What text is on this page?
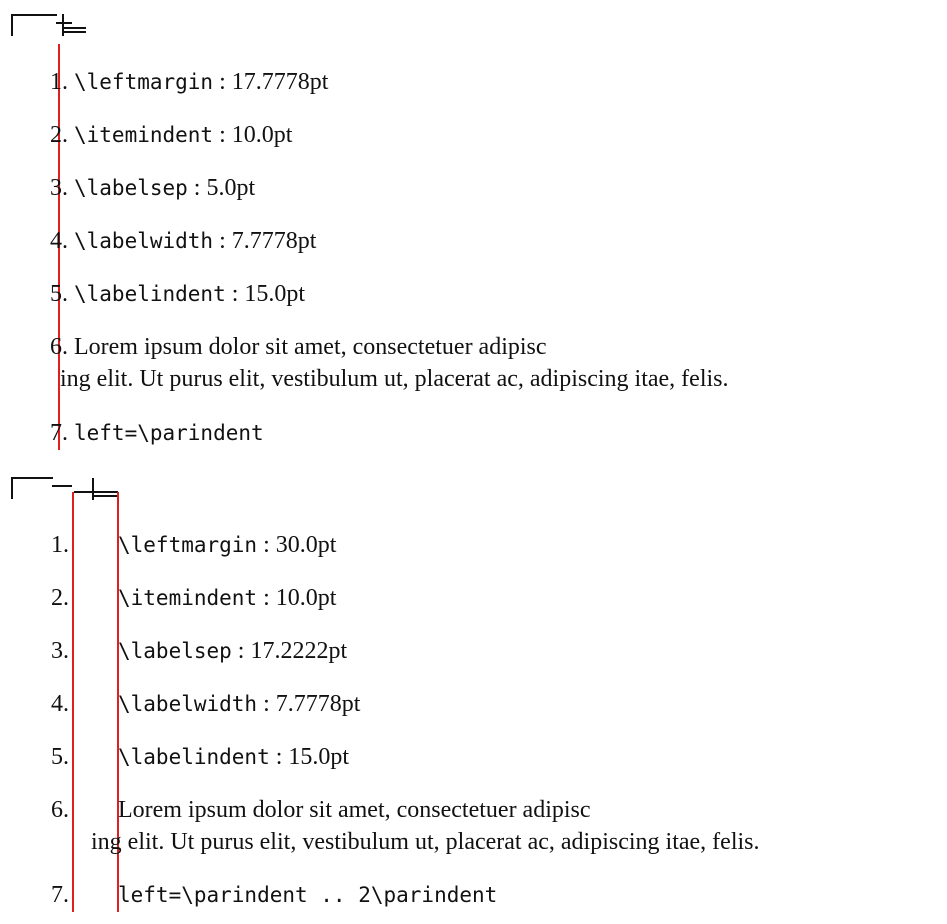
1. \leftmargin : 17.7778pt
2. \itemindent : 10.0pt
3. \labelsep : 5.0pt
4. \labelwidth : 7.7778pt
5. \labelindent : 15.0pt
6. Lorem ipsum dolor sit amet, consectetuer adipisc
ing elit. Ut purus elit, vestibulum ut, placerat ac, adipiscing itae, felis.
7. left=\parindent
1. \leftmargin : 30.0pt
2. \itemindent : 10.0pt
3. \labelsep : 17.2222pt
4. \labelwidth : 7.7778pt
5. \labelindent : 15.0pt
6. Lorem ipsum dolor sit amet, consectetuer adipisc
ing elit. Ut purus elit, vestibulum ut, placerat ac, adipiscing itae, felis.
7. left=\parindent .. 2\parindent
